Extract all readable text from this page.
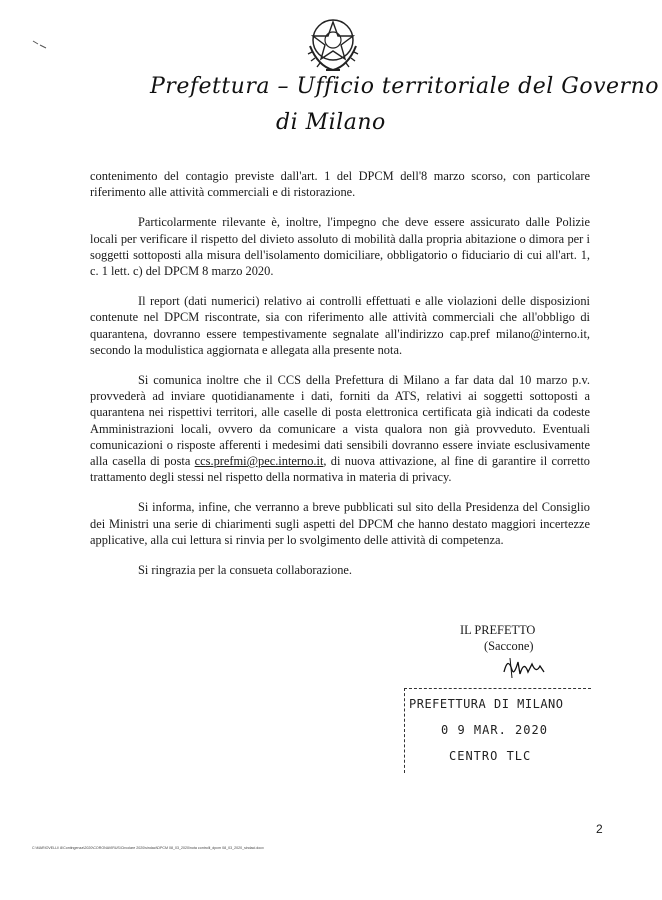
Prefettura – Ufficio territoriale del Governo
di Milano

contenimento del contagio previste dall'art. 1 del DPCM dell'8 marzo scorso, con particolare riferimento alle attività commerciali e di ristorazione.

Particolarmente rilevante è, inoltre, l'impegno che deve essere assicurato dalle Polizie locali per verificare il rispetto del divieto assoluto di mobilità dalla propria abitazione o dimora per i soggetti sottoposti alla misura dell'isolamento domiciliare, obbligatorio o fiduciario di cui all'art. 1, c. 1 lett. c) del DPCM 8 marzo 2020.

Il report (dati numerici) relativo ai controlli effettuati e alle violazioni delle disposizioni contenute nel DPCM riscontrate, sia con riferimento alle attività commerciali che all'obbligo di quarantena, dovranno essere tempestivamente segnalate all'indirizzo cap.pref milano@interno.it, secondo la modulistica aggiornata e allegata alla presente nota.

Si comunica inoltre che il CCS della Prefettura di Milano a far data dal 10 marzo p.v. provvederà ad inviare quotidianamente i dati, forniti da ATS, relativi ai soggetti sottoposti a quarantena nei rispettivi territori, alle caselle di posta elettronica certificata già indicati da codeste Amministrazioni locali, ovvero da comunicare a vista qualora non già provveduto. Eventuali comunicazioni o risposte afferenti i medesimi dati sensibili dovranno essere inviate esclusivamente alla casella di posta ccs.prefmi@pec.interno.it, di nuova attivazione, al fine di garantire il corretto trattamento degli stessi nel rispetto della normativa in materia di privacy.

Si informa, infine, che verranno a breve pubblicati sul sito della Presidenza del Consiglio dei Ministri una serie di chiarimenti sugli aspetti del DPCM che hanno destato maggiori incertezze applicative, alla cui lettura si rinvia per lo svolgimento delle attività di competenza.

Si ringrazia per la consueta collaborazione.

IL PREFETTO
(Saccone)
PREFETTURA DI MILANO
0 9 MAR. 2020
CENTRO TLC
2
C:\MARIOVELLI\ 8\Contingenza\2020\CORONAVIRUS\Circolare 2020\sindaci\DPCM 08_03_2020\nota controlli_dpcm 08_03_2020_sindaci.docx
